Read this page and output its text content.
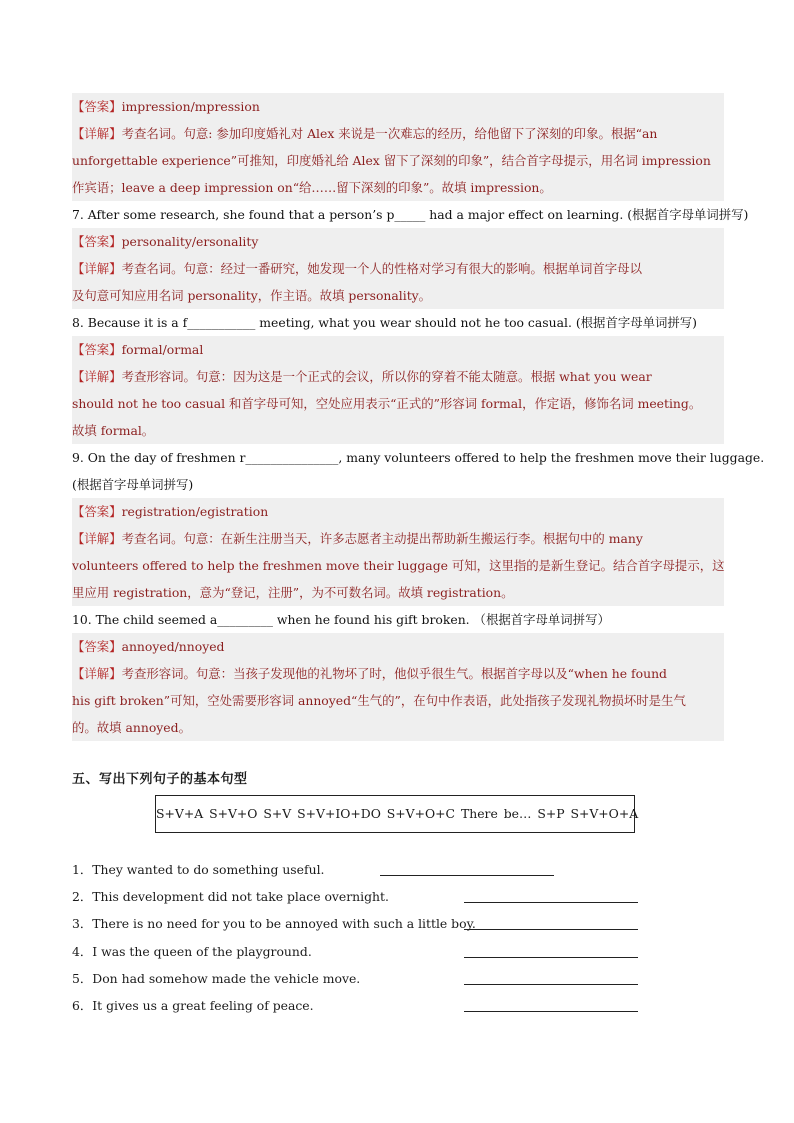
【答案】impression/mpression
【详解】考查名词。句意: 参加印度婚礼对 Alex 来说是一次难忘的经历，给他留下了深刻的印象。根据“an
unforgettable experience”可推知，印度婚礼给 Alex 留下了深刻的印象”，结合首字母提示，用名词 impression
作宾语；leave a deep impression on“给……留下深刻的印象”。故填 impression。
7. After some research, she found that a person’s p_____ had a major effect on learning. (根据首字母单词拼写)
【答案】personality/ersonality
【详解】考查名词。句意：经过一番研究，她发现一个人的性格对学习有很大的影响。根据单词首字母以
及句意可知应用名词 personality，作主语。故填 personality。
8. Because it is a f___________ meeting, what you wear should not he too casual. (根据首字母单词拼写)
【答案】formal/ormal
【详解】考查形容词。句意：因为这是一个正式的会议，所以你的穿着不能太随意。根据 what you wear
should not he too casual 和首字母可知，空处应用表示“正式的”形容词 formal，作定语，修饰名词 meeting。
故填 formal。
9. On the day of freshmen r_______________, many volunteers offered to help the freshmen move their luggage.
(根据首字母单词拼写)
【答案】registration/egistration
【详解】考查名词。句意：在新生注册当天，许多志愿者主动提出帮助新生搬运行李。根据句中的 many
volunteers offered to help the freshmen move their luggage 可知，这里指的是新生登记。结合首字母提示，这
里应用 registration，意为“登记，注册”，为不可数名词。故填 registration。
10. The child seemed a_________ when he found his gift broken. （根据首字母单词拼写）
【答案】annoyed/nnoyed
【详解】考查形容词。句意：当孩子发现他的礼物坏了时，他似乎很生气。根据首字母以及“when he found
his gift broken”可知，空处需要形容词 annoyed“生气的”，在句中作表语，此处指孩子发现礼物损坏时是生气
的。故填 annoyed。
五、写出下列句子的基本句型
S+V+A S+V+O S+V S+V+IO+DO S+V+O+C There be… S+P S+V+O+A
1．They wanted to do something useful.
2．This development did not take place overnight.
3．There is no need for you to be annoyed with such a little boy.
4．I was the queen of the playground.
5．Don had somehow made the vehicle move.
6．It gives us a great feeling of peace.
